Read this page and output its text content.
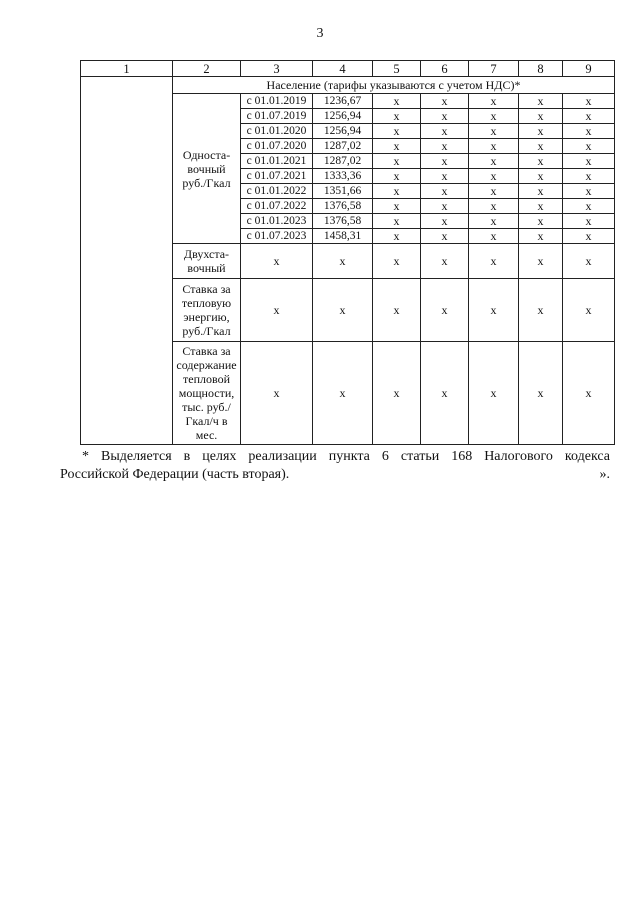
3
1	2	3	4	5	6	7	8	9
	Население (тарифы указываются с учетом НДС)*							
	Односта-вочный руб./Гкал	с 01.01.2019	1236,67	x	x	x	x	x
		с 01.07.2019	1256,94	x	x	x	x	x
		с 01.01.2020	1256,94	x	x	x	x	x
		с 01.07.2020	1287,02	x	x	x	x	x
		с 01.01.2021	1287,02	x	x	x	x	x
		с 01.07.2021	1333,36	x	x	x	x	x
		с 01.01.2022	1351,66	x	x	x	x	x
		с 01.07.2022	1376,58	x	x	x	x	x
		с 01.01.2023	1376,58	x	x	x	x	x
		с 01.07.2023	1458,31	x	x	x	x	x
	Двухста-вочный	x	x	x	x	x	x	x
	Ставка за тепловую энергию, руб./Гкал	x	x	x	x	x	x	x
	Ставка за содержание тепловой мощности, тыс. руб./ Гкал/ч в мес.	x	x	x	x	x	x	x
* Выделяется в целях реализации пункта 6 статьи 168 Налогового кодекса
Российской Федерации (часть вторая).	».
